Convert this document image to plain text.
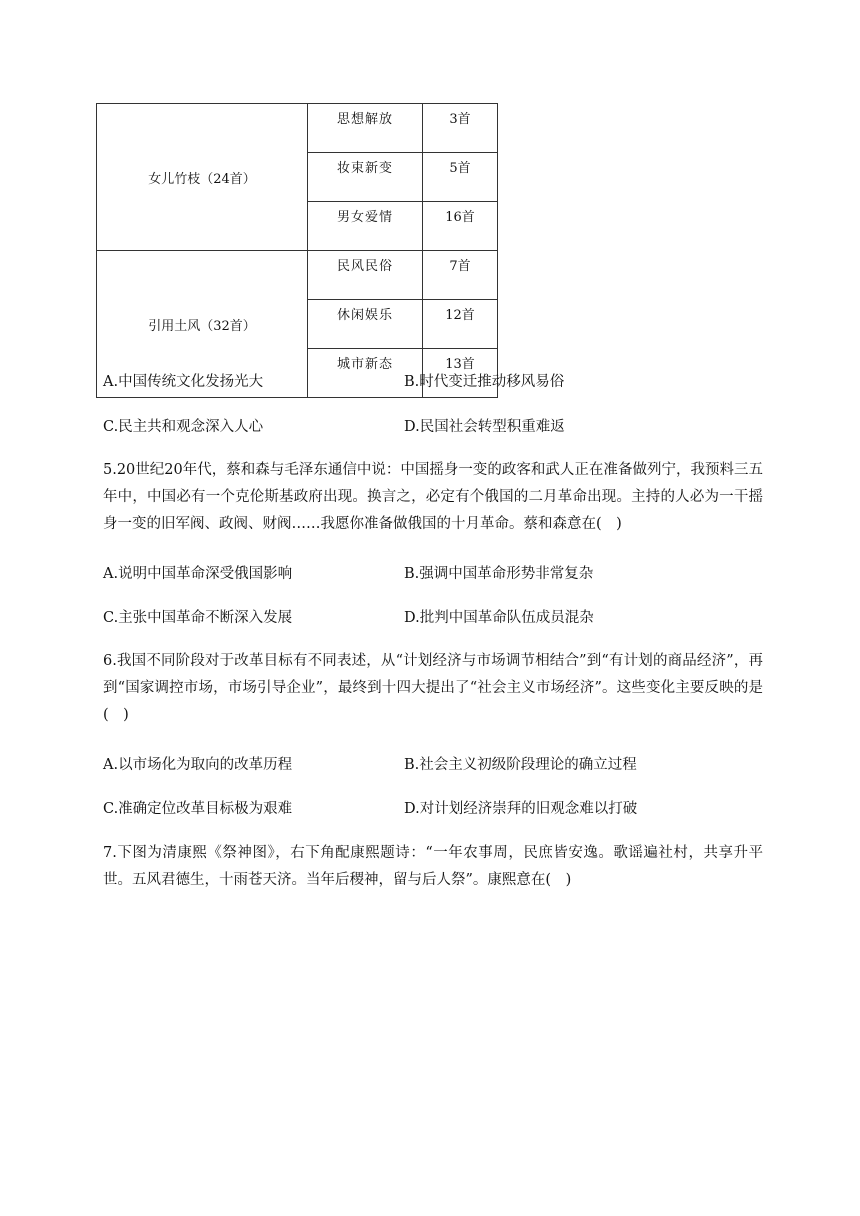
女儿竹枝（24首）	思想解放	3首
	妆束新变	5首
	男女爱情	16首
引用土风（32首）	民风民俗	7首
	休闲娱乐	12首
	城市新态	13首
A.中国传统文化发扬光大	B.时代变迁推动移风易俗
C.民主共和观念深入人心	D.民国社会转型积重难返

5.20世纪20年代，蔡和森与毛泽东通信中说：中国摇身一变的政客和武人正在准备做列宁，我预料三五年中，中国必有一个克伦斯基政府出现。换言之，必定有个俄国的二月革命出现。主持的人必为一干摇身一变的旧军阀、政阀、财阀……我愿你准备做俄国的十月革命。蔡和森意在(　)

A.说明中国革命深受俄国影响	B.强调中国革命形势非常复杂
C.主张中国革命不断深入发展	D.批判中国革命队伍成员混杂

6.我国不同阶段对于改革目标有不同表述，从“计划经济与市场调节相结合”到“有计划的商品经济”，再到“国家调控市场，市场引导企业”，最终到十四大提出了“社会主义市场经济”。这些变化主要反映的是(　)

A.以市场化为取向的改革历程	B.社会主义初级阶段理论的确立过程
C.准确定位改革目标极为艰难	D.对计划经济崇拜的旧观念难以打破

7.下图为清康熙《祭神图》，右下角配康熙题诗：“一年农事周，民庶皆安逸。歌谣遍社村，共享升平世。五风君德生，十雨苍天济。当年后稷神，留与后人祭”。康熙意在(　)
